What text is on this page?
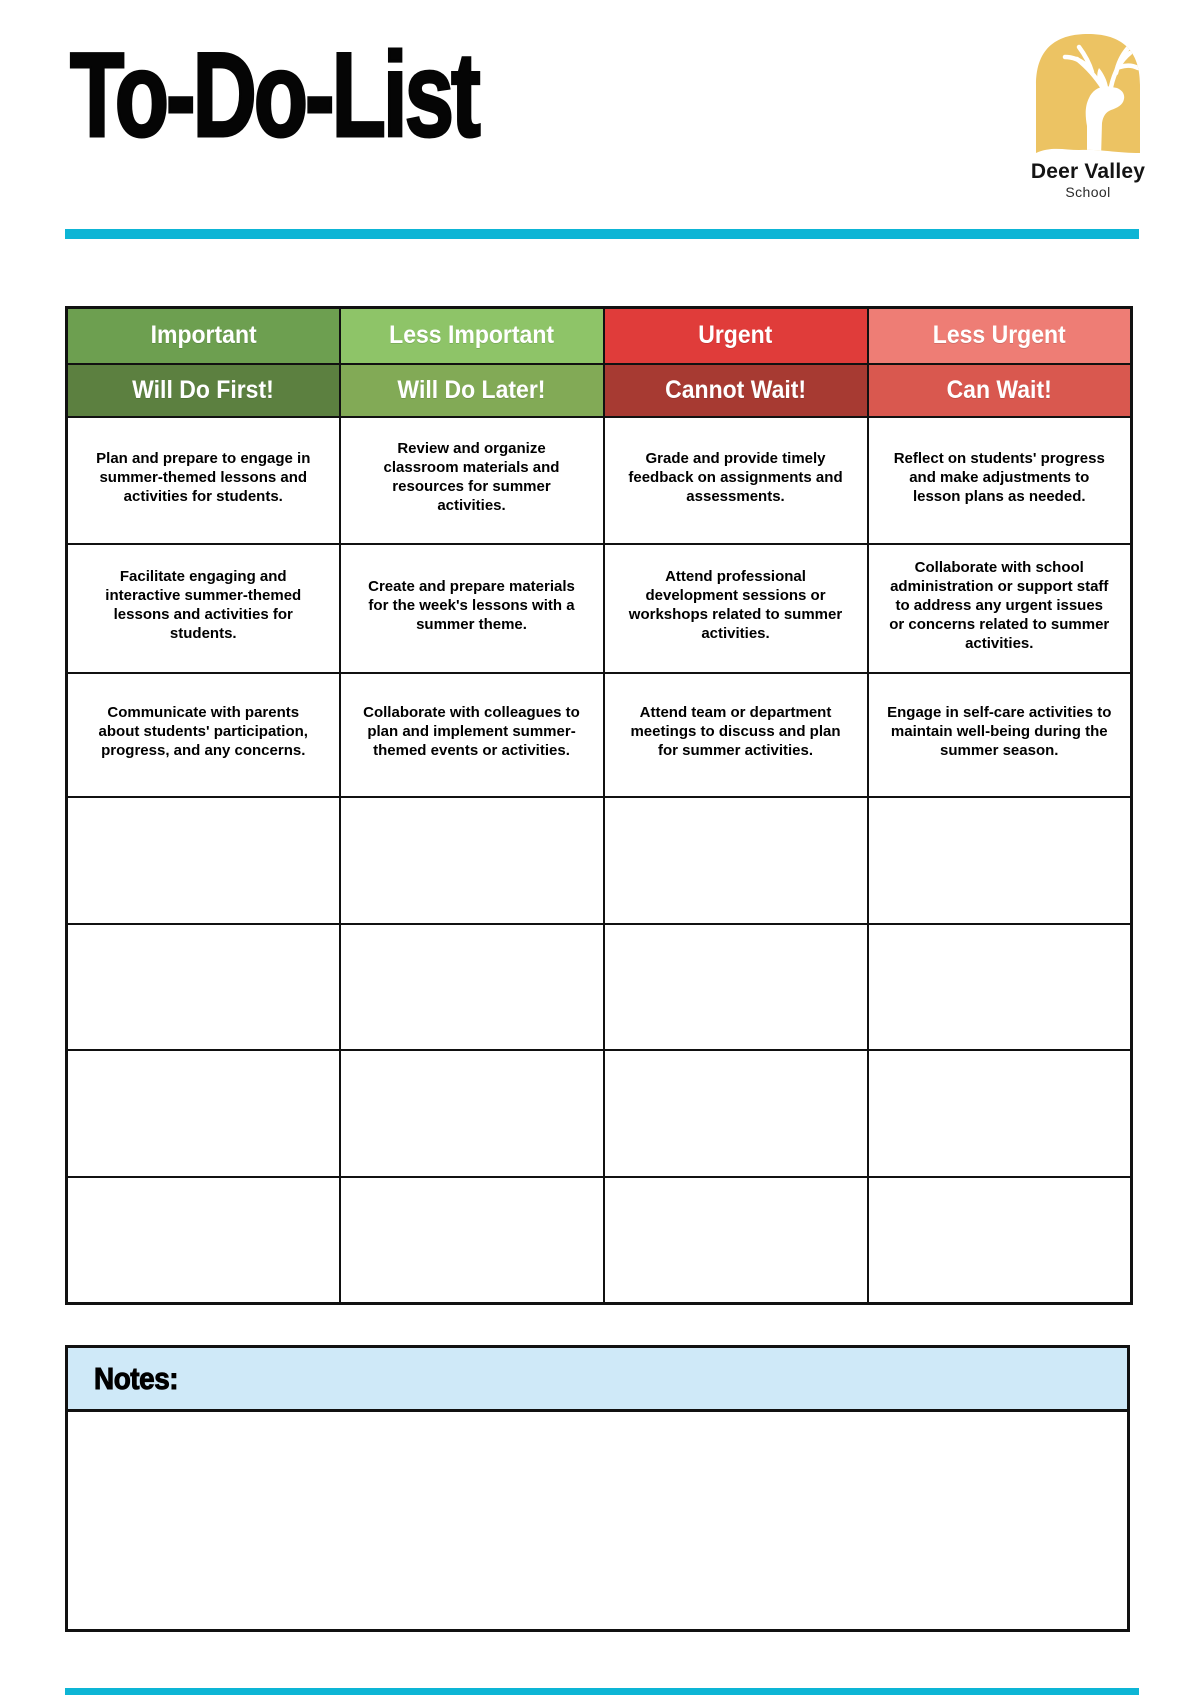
To-Do-List
Deer Valley
School
Important	Less Important	Urgent	Less Urgent
Will Do First!	Will Do Later!	Cannot Wait!	Can Wait!
Plan and prepare to engage in summer-themed lessons and activities for students.	Review and organize classroom materials and resources for summer activities.	Grade and provide timely feedback on assignments and assessments.	Reflect on students' progress and make adjustments to lesson plans as needed.
Facilitate engaging and interactive summer-themed lessons and activities for students.	Create and prepare materials for the week's lessons with a summer theme.	Attend professional development sessions or workshops related to summer activities.	Collaborate with school administration or support staff to address any urgent issues or concerns related to summer activities.
Communicate with parents about students' participation, progress, and any concerns.	Collaborate with colleagues to plan and implement summer-themed events or activities.	Attend team or department meetings to discuss and plan for summer activities.	Engage in self-care activities to maintain well-being during the summer season.

Notes:
